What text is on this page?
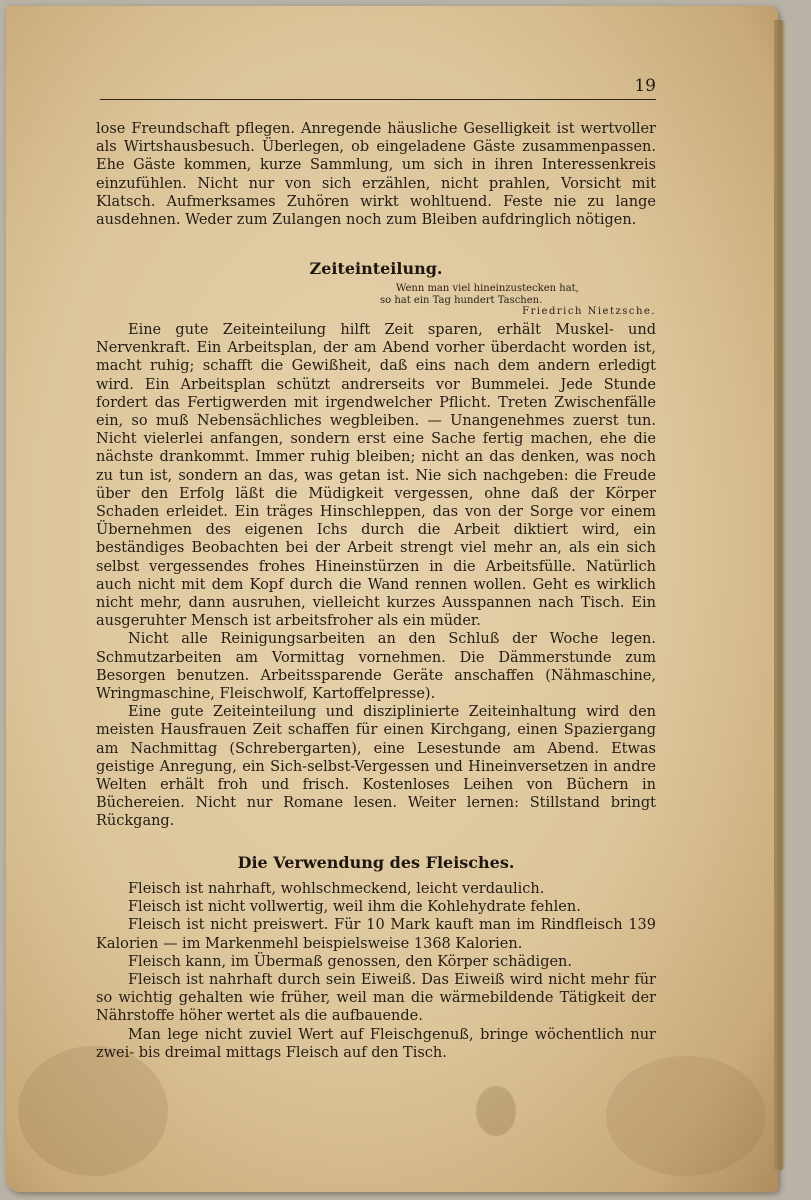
19

lose Freundschaft pflegen. Anregende häusliche Geselligkeit ist wertvoller als Wirtshausbesuch. Überlegen, ob eingeladene Gäste zusammenpassen. Ehe Gäste kommen, kurze Sammlung, um sich in ihren Interessenkreis einzufühlen. Nicht nur von sich erzählen, nicht prahlen, Vorsicht mit Klatsch. Aufmerksames Zuhören wirkt wohltuend. Feste nie zu lange ausdehnen. Weder zum Zulangen noch zum Bleiben aufdringlich nötigen.

Zeiteinteilung.
Wenn man viel hineinzustecken hat,
so hat ein Tag hundert Taschen.
Friedrich Nietzsche.

Eine gute Zeiteinteilung hilft Zeit sparen, erhält Muskel- und Nervenkraft. Ein Arbeitsplan, der am Abend vorher überdacht worden ist, macht ruhig; schafft die Gewißheit, daß eins nach dem andern erledigt wird. Ein Arbeitsplan schützt andrerseits vor Bummelei. Jede Stunde fordert das Fertigwerden mit irgendwelcher Pflicht. Treten Zwischenfälle ein, so muß Nebensächliches wegbleiben. — Unangenehmes zuerst tun. Nicht vielerlei anfangen, sondern erst eine Sache fertig machen, ehe die nächste drankommt. Immer ruhig bleiben; nicht an das denken, was noch zu tun ist, sondern an das, was getan ist. Nie sich nachgeben: die Freude über den Erfolg läßt die Müdigkeit vergessen, ohne daß der Körper Schaden erleidet. Ein träges Hinschleppen, das von der Sorge vor einem Übernehmen des eigenen Ichs durch die Arbeit diktiert wird, ein beständiges Beobachten bei der Arbeit strengt viel mehr an, als ein sich selbst vergessendes frohes Hineinstürzen in die Arbeitsfülle. Natürlich auch nicht mit dem Kopf durch die Wand rennen wollen. Geht es wirklich nicht mehr, dann ausruhen, vielleicht kurzes Ausspannen nach Tisch. Ein ausgeruhter Mensch ist arbeitsfroher als ein müder.

Nicht alle Reinigungsarbeiten an den Schluß der Woche legen. Schmutzarbeiten am Vormittag vornehmen. Die Dämmerstunde zum Besorgen benutzen. Arbeitssparende Geräte anschaffen (Nähmaschine, Wringmaschine, Fleischwolf, Kartoffelpresse).

Eine gute Zeiteinteilung und disziplinierte Zeiteinhaltung wird den meisten Hausfrauen Zeit schaffen für einen Kirchgang, einen Spaziergang am Nachmittag (Schrebergarten), eine Lesestunde am Abend. Etwas geistige Anregung, ein Sich-selbst-Vergessen und Hineinversetzen in andre Welten erhält froh und frisch. Kostenloses Leihen von Büchern in Büchereien. Nicht nur Romane lesen. Weiter lernen: Stillstand bringt Rückgang.

Die Verwendung des Fleisches.

Fleisch ist nahrhaft, wohlschmeckend, leicht verdaulich.

Fleisch ist nicht vollwertig, weil ihm die Kohlehydrate fehlen.

Fleisch ist nicht preiswert. Für 10 Mark kauft man im Rindfleisch 139 Kalorien — im Markenmehl beispielsweise 1368 Kalorien.

Fleisch kann, im Übermaß genossen, den Körper schädigen.

Fleisch ist nahrhaft durch sein Eiweiß. Das Eiweiß wird nicht mehr für so wichtig gehalten wie früher, weil man die wärmebildende Tätigkeit der Nährstoffe höher wertet als die aufbauende.

Man lege nicht zuviel Wert auf Fleischgenuß, bringe wöchentlich nur zwei- bis dreimal mittags Fleisch auf den Tisch.
